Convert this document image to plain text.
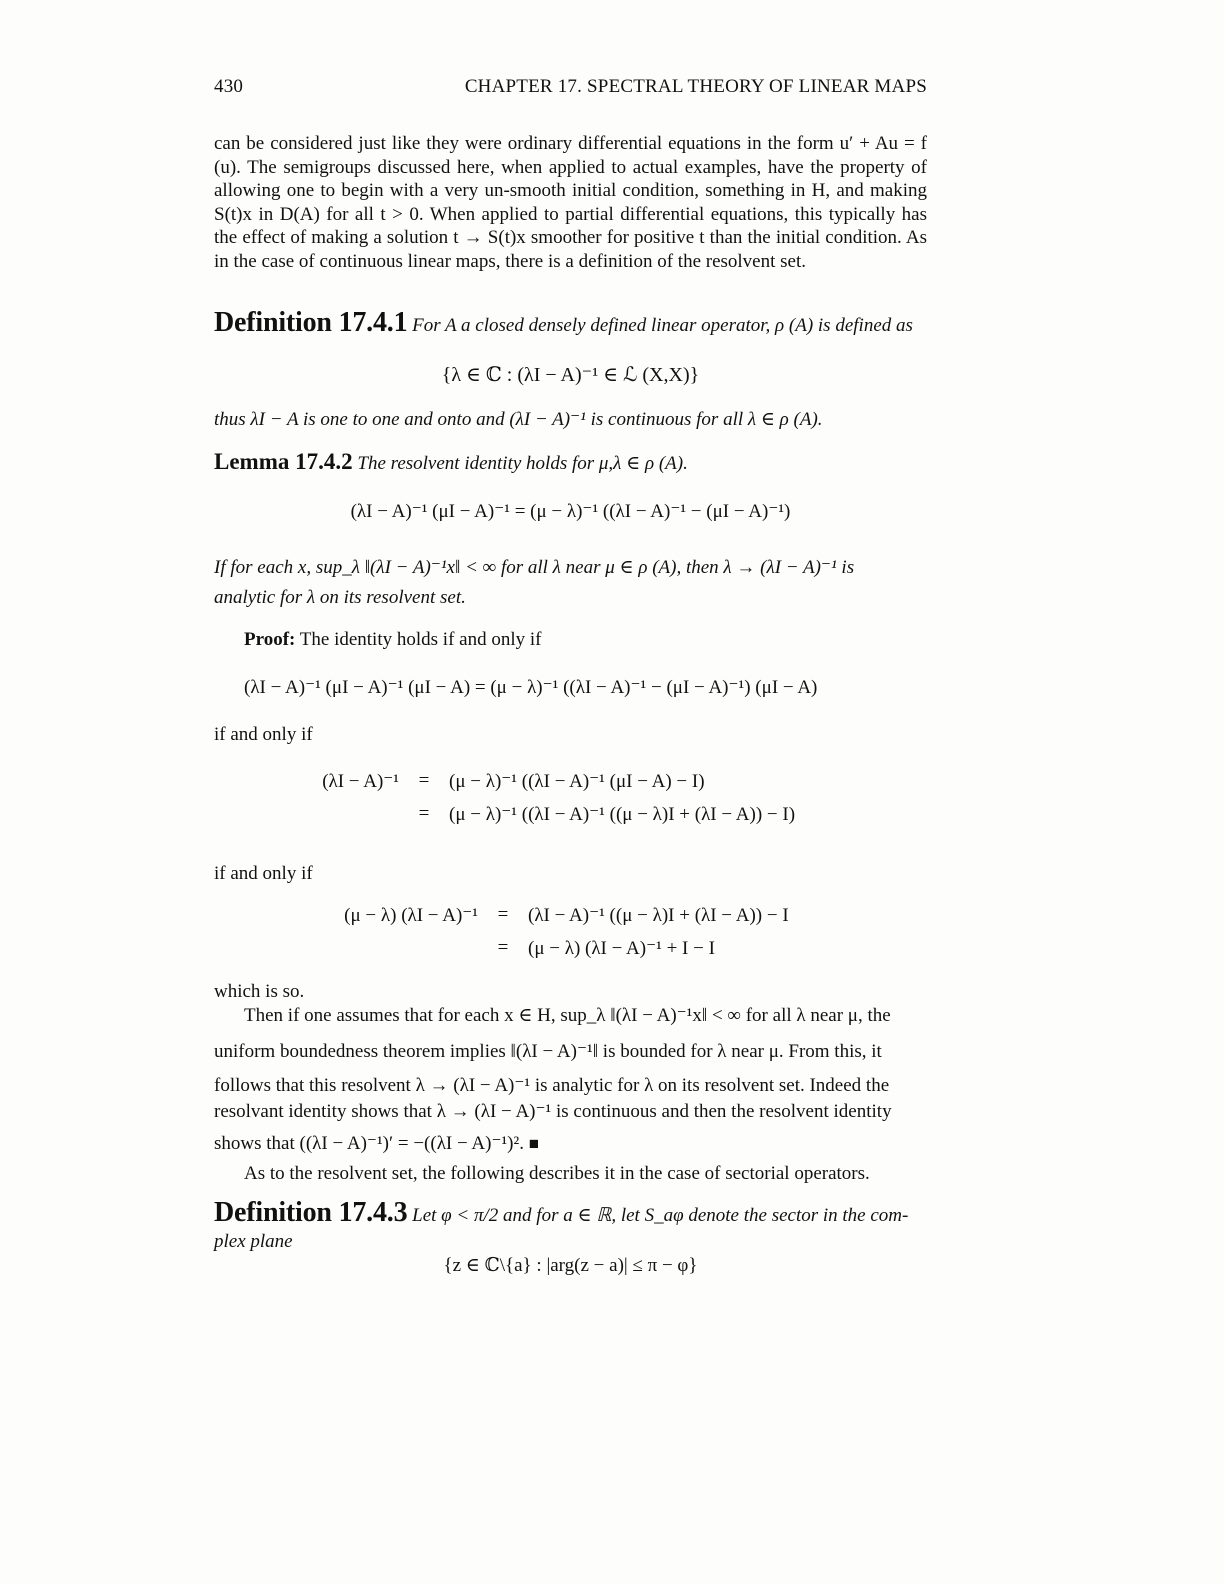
430	CHAPTER 17. SPECTRAL THEORY OF LINEAR MAPS

can be considered just like they were ordinary differential equations in the form u′ + Au = f (u). The semigroups discussed here, when applied to actual examples, have the property of allowing one to begin with a very un-smooth initial condition, something in H, and making S(t)x in D(A) for all t > 0. When applied to partial differential equations, this typically has the effect of making a solution t → S(t)x smoother for positive t than the initial condition. As in the case of continuous linear maps, there is a definition of the resolvent set.

Definition 17.4.1 For A a closed densely defined linear operator, ρ (A) is defined as

{λ ∈ ℂ : (λI − A)⁻¹ ∈ ℒ (X,X)}

thus λI − A is one to one and onto and (λI − A)⁻¹ is continuous for all λ ∈ ρ (A).

Lemma 17.4.2 The resolvent identity holds for μ,λ ∈ ρ (A).

(λI − A)⁻¹ (μI − A)⁻¹ = (μ − λ)⁻¹ ((λI − A)⁻¹ − (μI − A)⁻¹)

If for each x, sup_λ ‖(λI − A)⁻¹x‖ < ∞ for all λ near μ ∈ ρ (A), then λ → (λI − A)⁻¹ is

analytic for λ on its resolvent set.

Proof: The identity holds if and only if

(λI − A)⁻¹ (μI − A)⁻¹ (μI − A) = (μ − λ)⁻¹ ((λI − A)⁻¹ − (μI − A)⁻¹) (μI − A)

if and only if

(λI − A)⁻¹	=	(μ − λ)⁻¹ ((λI − A)⁻¹ (μI − A) − I)
=	(μ − λ)⁻¹ ((λI − A)⁻¹ ((μ − λ)I + (λI − A)) − I)

if and only if

(μ − λ) (λI − A)⁻¹	=	(λI − A)⁻¹ ((μ − λ)I + (λI − A)) − I
=	(μ − λ) (λI − A)⁻¹ + I − I

which is so.

Then if one assumes that for each x ∈ H, sup_λ ‖(λI − A)⁻¹x‖ < ∞ for all λ near μ, the

uniform boundedness theorem implies ‖(λI − A)⁻¹‖ is bounded for λ near μ. From this, it

follows that this resolvent λ → (λI − A)⁻¹ is analytic for λ on its resolvent set. Indeed the

resolvant identity shows that λ → (λI − A)⁻¹ is continuous and then the resolvent identity

shows that ((λI − A)⁻¹)′ = −((λI − A)⁻¹)². ■

As to the resolvent set, the following describes it in the case of sectorial operators.

Definition 17.4.3 Let φ < π/2 and for a ∈ ℝ, let S_aφ denote the sector in the com-

plex plane

{z ∈ ℂ\{a} : |arg(z − a)| ≤ π − φ}
